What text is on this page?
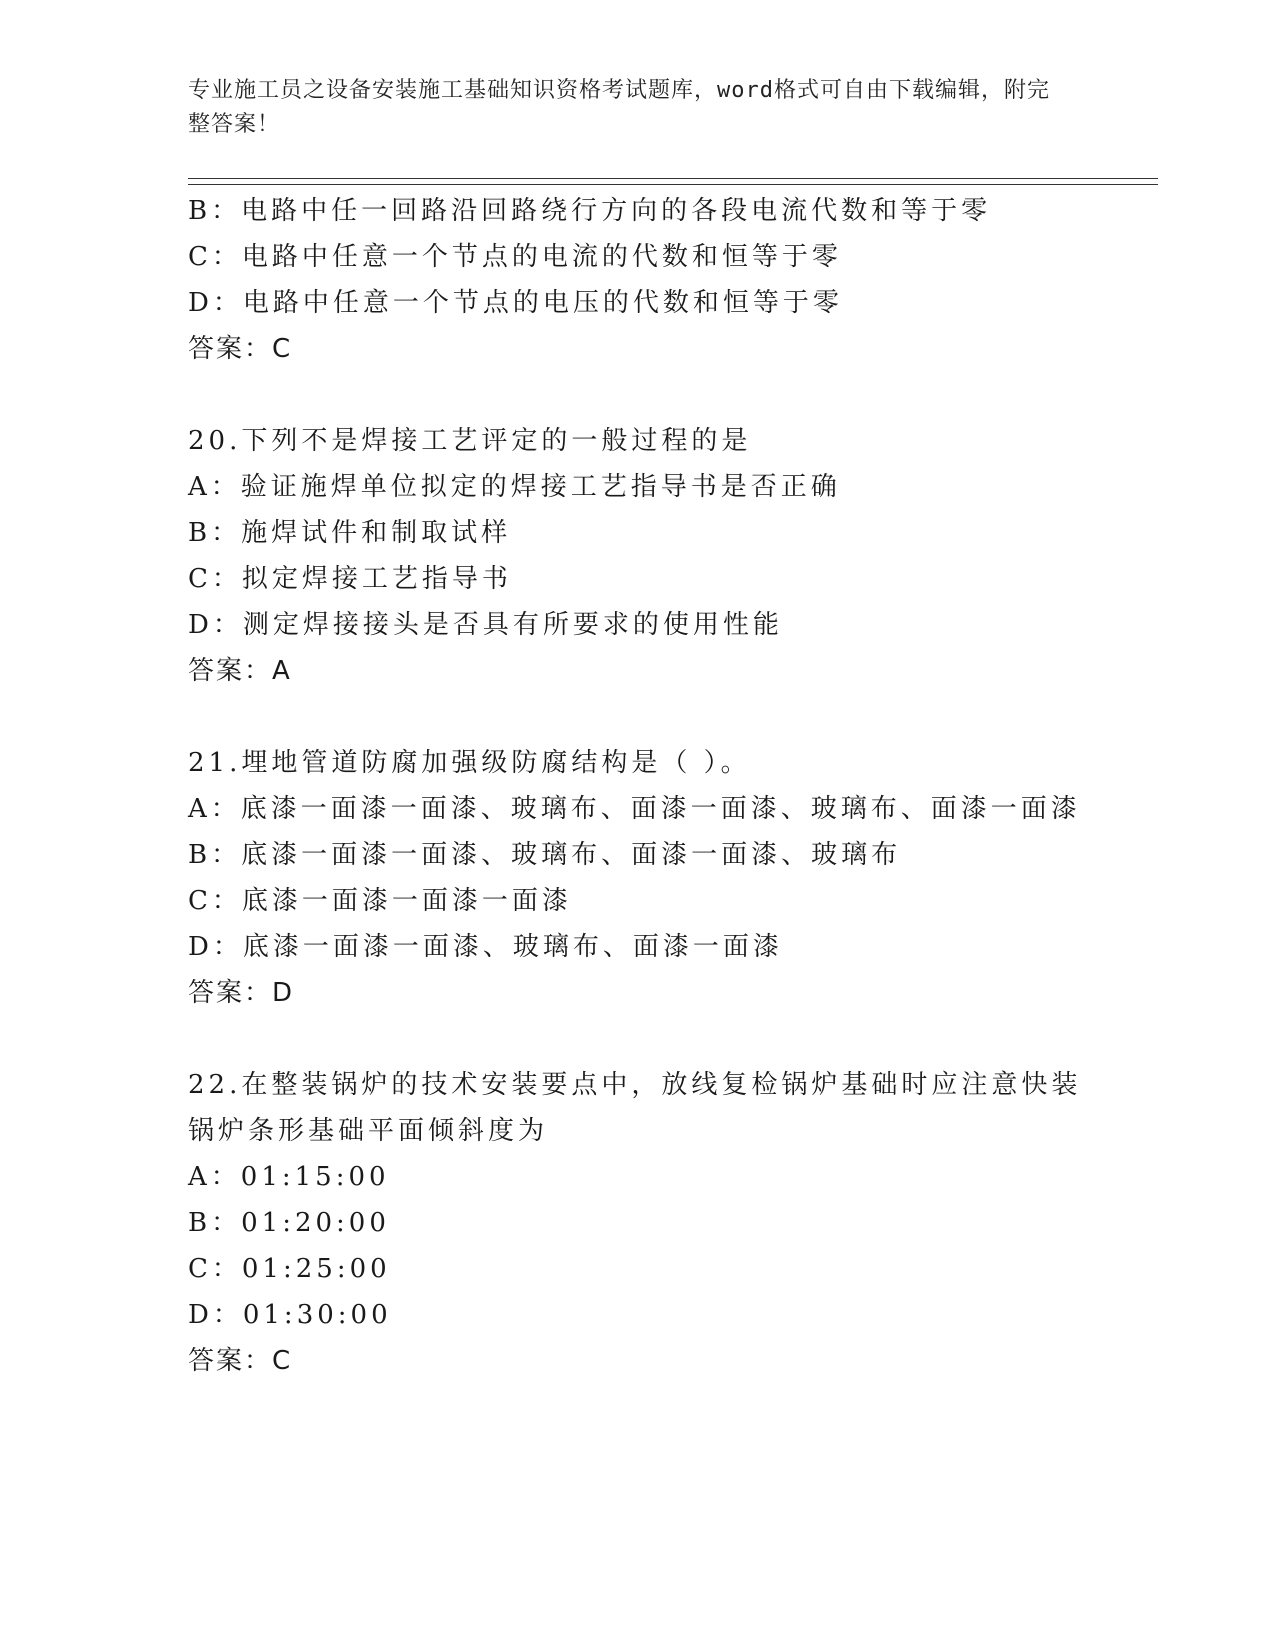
专业施工员之设备安装施工基础知识资格考试题库，word格式可自由下载编辑，附完整答案！
B：电路中任一回路沿回路绕行方向的各段电流代数和等于零
C：电路中任意一个节点的电流的代数和恒等于零
D：电路中任意一个节点的电压的代数和恒等于零
答案：C
20.下列不是焊接工艺评定的一般过程的是
A：验证施焊单位拟定的焊接工艺指导书是否正确
B：施焊试件和制取试样
C：拟定焊接工艺指导书
D：测定焊接接头是否具有所要求的使用性能
答案：A
21.埋地管道防腐加强级防腐结构是（ ）。
A：底漆一面漆一面漆、玻璃布、面漆一面漆、玻璃布、面漆一面漆
B：底漆一面漆一面漆、玻璃布、面漆一面漆、玻璃布
C：底漆一面漆一面漆一面漆
D：底漆一面漆一面漆、玻璃布、面漆一面漆
答案：D
22.在整装锅炉的技术安装要点中，放线复检锅炉基础时应注意快装锅炉条形基础平面倾斜度为
A：01:15:00
B：01:20:00
C：01:25:00
D：01:30:00
答案：C
